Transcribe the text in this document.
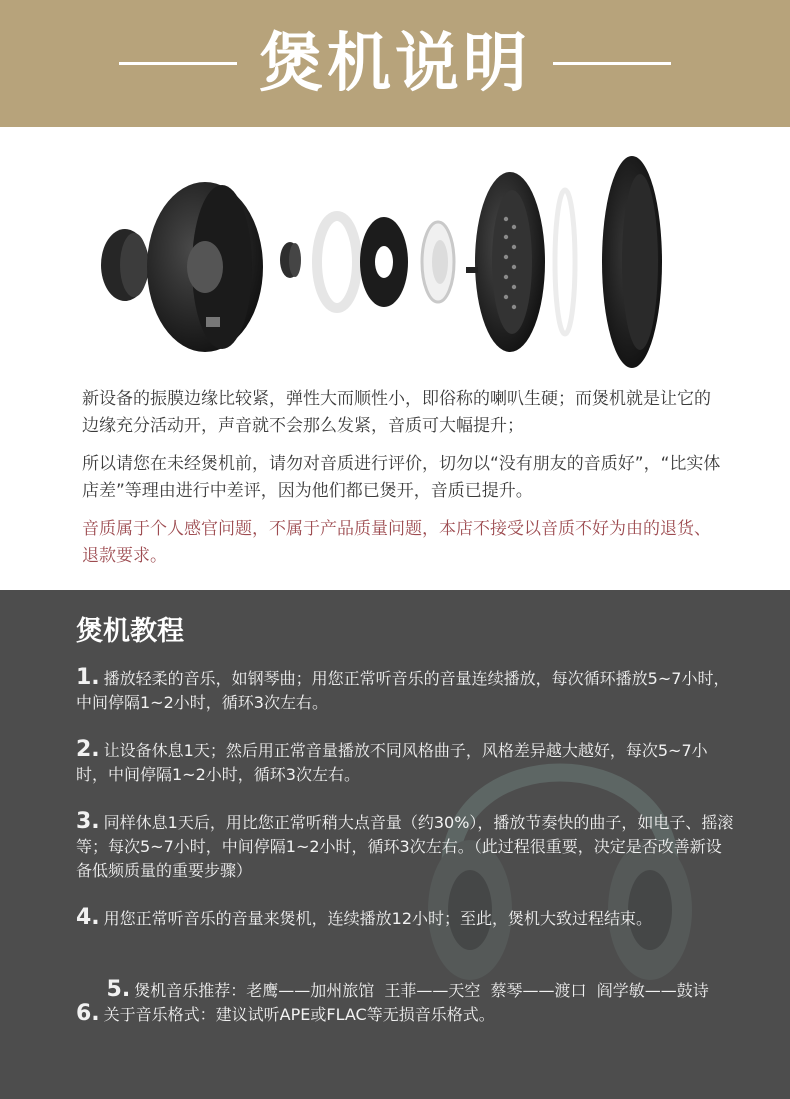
煲机说明

新设备的振膜边缘比较紧，弹性大而顺性小，即俗称的喇叭生硬；而煲机就是让它的边缘充分活动开，声音就不会那么发紧，音质可大幅提升；

所以请您在未经煲机前，请勿对音质进行评价，切勿以“没有朋友的音质好”，“比实体店差”等理由进行中差评，因为他们都已煲开，音质已提升。

音质属于个人感官问题，不属于产品质量问题，本店不接受以音质不好为由的退货、退款要求。

煲机教程
1. 播放轻柔的音乐，如钢琴曲；用您正常听音乐的音量连续播放，每次循环播放5~7小时，中间停隔1~2小时，循环3次左右。
2. 让设备休息1天；然后用正常音量播放不同风格曲子，风格差异越大越好，每次5~7小时，中间停隔1~2小时，循环3次左右。
3. 同样休息1天后，用比您正常听稍大点音量（约30%），播放节奏快的曲子，如电子、摇滚等；每次5~7小时，中间停隔1~2小时，循环3次左右。（此过程很重要，决定是否改善新设备低频质量的重要步骤）
4. 用您正常听音乐的音量来煲机，连续播放12小时；至此，煲机大致过程结束。

5. 煲机音乐推荐：老鹰——加州旅馆  王菲——天空  蔡琴——渡口  阎学敏——鼓诗

6. 关于音乐格式：建议试听APE或FLAC等无损音乐格式。
